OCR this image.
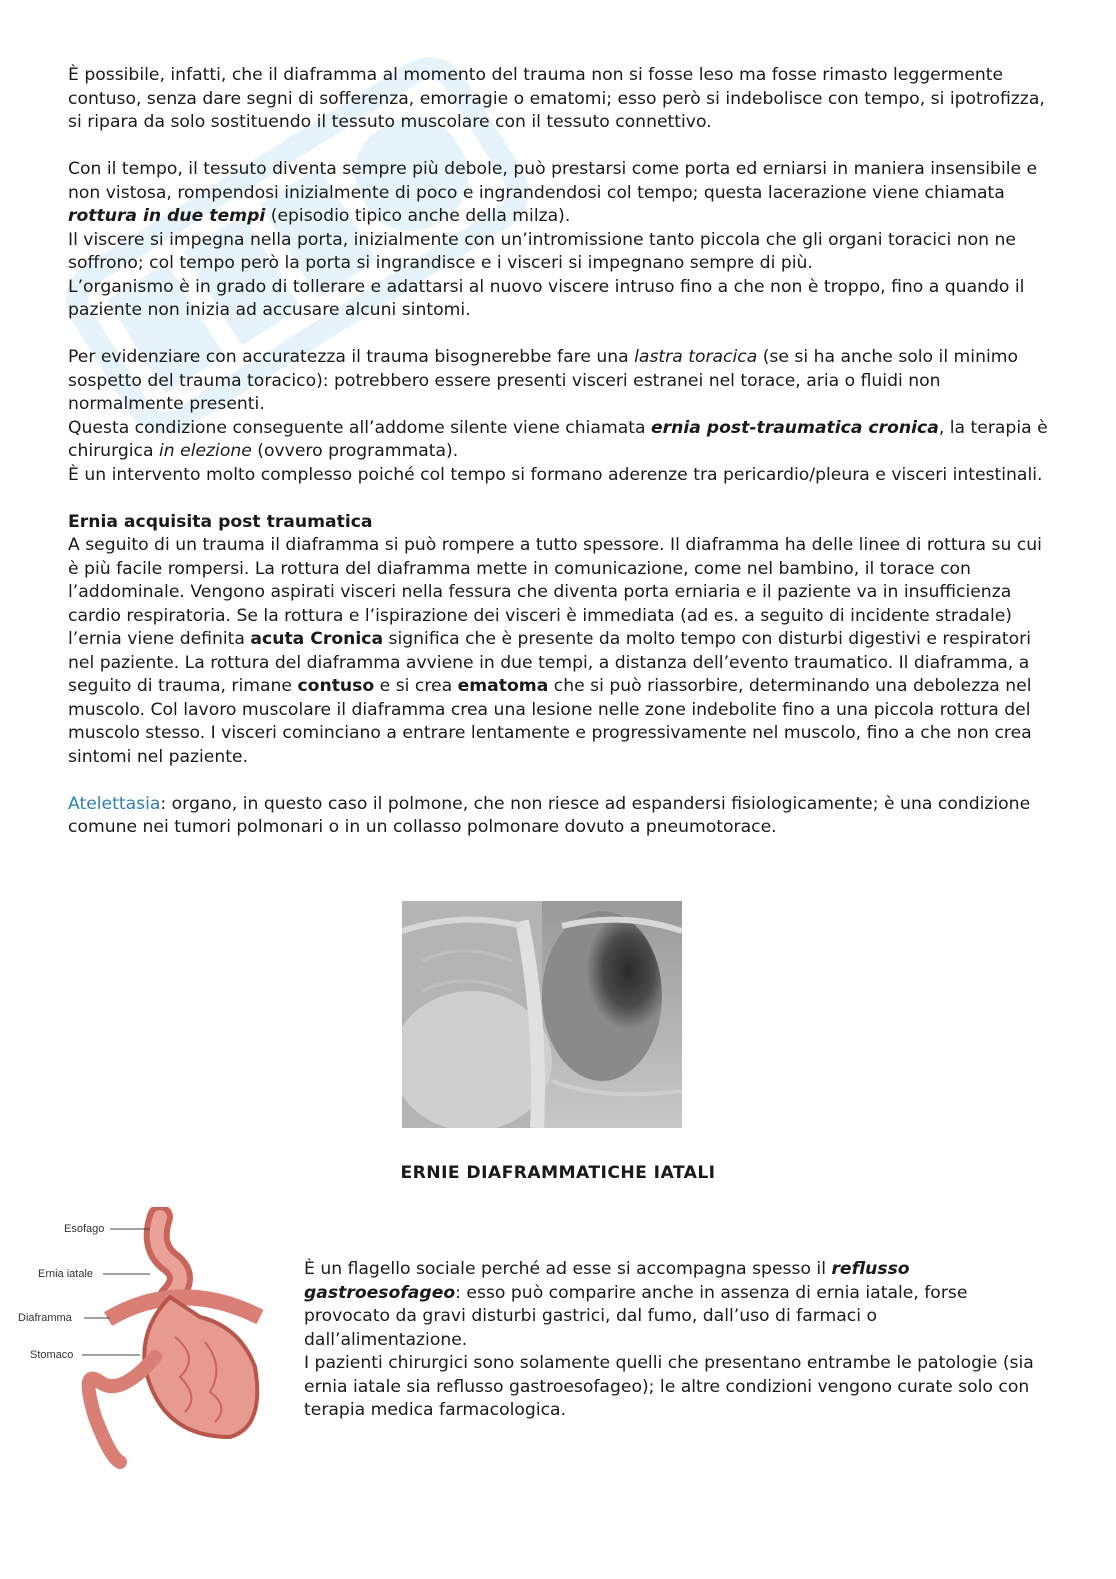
È possibile, infatti, che il diaframma al momento del trauma non si fosse leso ma fosse rimasto leggermente contuso, senza dare segni di sofferenza, emorragie o ematomi; esso però si indebolisce con tempo, si ipotrofizza, si ripara da solo sostituendo il tessuto muscolare con il tessuto connettivo.

Con il tempo, il tessuto diventa sempre più debole, può prestarsi come porta ed erniarsi in maniera insensibile e non vistosa, rompendosi inizialmente di poco e ingrandendosi col tempo; questa lacerazione viene chiamata rottura in due tempi (episodio tipico anche della milza).

Il viscere si impegna nella porta, inizialmente con un’intromissione tanto piccola che gli organi toracici non ne soffrono; col tempo però la porta si ingrandisce e i visceri si impegnano sempre di più.

L’organismo è in grado di tollerare e adattarsi al nuovo viscere intruso fino a che non è troppo, fino a quando il paziente non inizia ad accusare alcuni sintomi.

Per evidenziare con accuratezza il trauma bisognerebbe fare una lastra toracica (se si ha anche solo il minimo sospetto del trauma toracico): potrebbero essere presenti visceri estranei nel torace, aria o fluidi non normalmente presenti.

Questa condizione conseguente all’addome silente viene chiamata ernia post-traumatica cronica, la terapia è chirurgica in elezione (ovvero programmata).

È un intervento molto complesso poiché col tempo si formano aderenze tra pericardio/pleura e visceri intestinali.

Ernia acquisita post traumatica

A seguito di un trauma il diaframma si può rompere a tutto spessore. Il diaframma ha delle linee di rottura su cui è più facile rompersi. La rottura del diaframma mette in comunicazione, come nel bambino, il torace con l’addominale. Vengono aspirati visceri nella fessura che diventa porta erniaria e il paziente va in insufficienza cardio respiratoria. Se la rottura e l’ispirazione dei visceri è immediata (ad es. a seguito di incidente stradale) l’ernia viene definita acuta Cronica significa che è presente da molto tempo con disturbi digestivi e respiratori nel paziente. La rottura del diaframma avviene in due tempi, a distanza dell’evento traumatico. Il diaframma, a seguito di trauma, rimane contuso e si crea ematoma che si può riassorbire, determinando una debolezza nel muscolo. Col lavoro muscolare il diaframma crea una lesione nelle zone indebolite fino a una piccola rottura del muscolo stesso. I visceri cominciano a entrare lentamente e progressivamente nel muscolo, fino a che non crea sintomi nel paziente.

Atelettasia: organo, in questo caso il polmone, che non riesce ad espandersi fisiologicamente; è una condizione comune nei tumori polmonari o in un collasso polmonare dovuto a pneumotorace.

ERNIE DIAFRAMMATICHE IATALI
Esofago
Ernia iatale
Diaframma
Stomaco

È un flagello sociale perché ad esse si accompagna spesso il reflusso gastroesofageo: esso può comparire anche in assenza di ernia iatale, forse provocato da gravi disturbi gastrici, dal fumo, dall’uso di farmaci o dall’alimentazione.

I pazienti chirurgici sono solamente quelli che presentano entrambe le patologie (sia ernia iatale sia reflusso gastroesofageo); le altre condizioni vengono curate solo con terapia medica farmacologica.
